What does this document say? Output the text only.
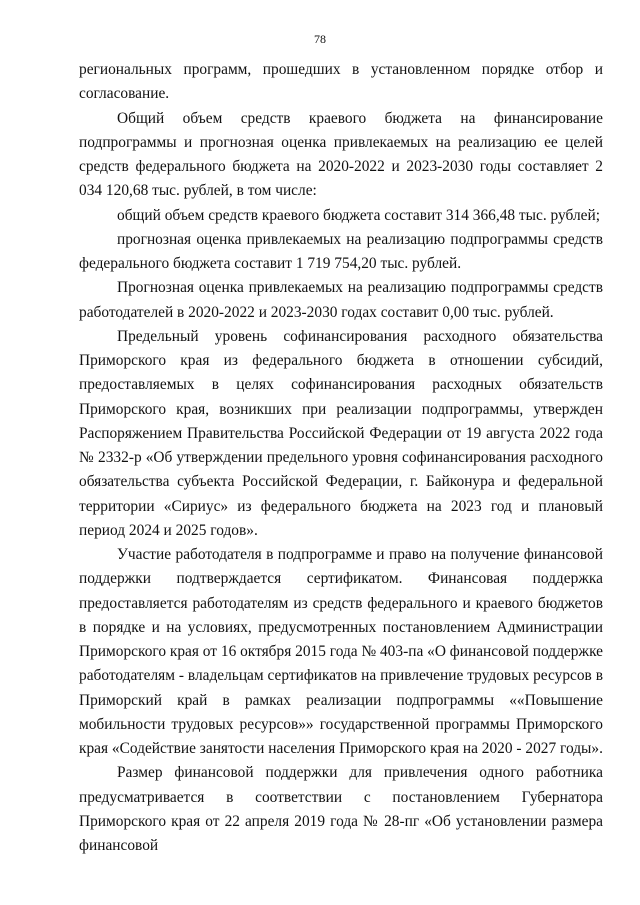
78

региональных программ, прошедших в установленном порядке отбор и согласование.

Общий объем средств краевого бюджета на финансирование подпрограммы и прогнозная оценка привлекаемых на реализацию ее целей средств федерального бюджета на 2020-2022 и 2023-2030 годы составляет 2 034 120,68 тыс. рублей, в том числе:

общий объем средств краевого бюджета составит 314 366,48 тыс. рублей;

прогнозная оценка привлекаемых на реализацию подпрограммы средств федерального бюджета составит 1 719 754,20 тыс. рублей.

Прогнозная оценка привлекаемых на реализацию подпрограммы средств работодателей в 2020-2022 и 2023-2030 годах составит 0,00 тыс. рублей.

Предельный уровень софинансирования расходного обязательства Приморского края из федерального бюджета в отношении субсидий, предоставляемых в целях софинансирования расходных обязательств Приморского края, возникших при реализации подпрограммы, утвержден Распоряжением Правительства Российской Федерации от 19 августа 2022 года № 2332-р «Об утверждении предельного уровня софинансирования расходного обязательства субъекта Российской Федерации, г. Байконура и федеральной территории «Сириус» из федерального бюджета на 2023 год и плановый период 2024 и 2025 годов».

Участие работодателя в подпрограмме и право на получение финансовой поддержки подтверждается сертификатом. Финансовая поддержка предоставляется работодателям из средств федерального и краевого бюджетов в порядке и на условиях, предусмотренных постановлением Администрации Приморского края от 16 октября 2015 года № 403-па «О финансовой поддержке работодателям - владельцам сертификатов на привлечение трудовых ресурсов в Приморский край в рамках реализации подпрограммы ««Повышение мобильности трудовых ресурсов»» государственной программы Приморского края «Содействие занятости населения Приморского края на 2020 - 2027 годы».

Размер финансовой поддержки для привлечения одного работника предусматривается в соответствии с постановлением Губернатора Приморского края от 22 апреля 2019 года № 28-пг «Об установлении размера финансовой
